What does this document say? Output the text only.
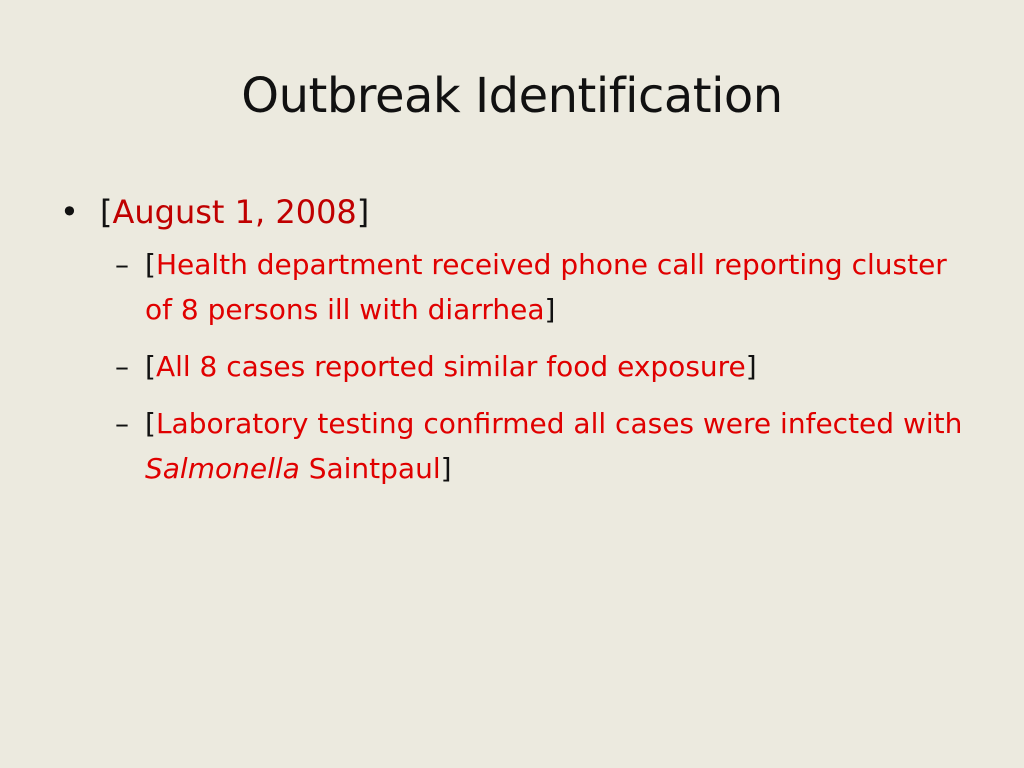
Outbreak Identification
• [August 1, 2008]
– [Health department received phone call reporting cluster of 8 persons ill with diarrhea]
– [All 8 cases reported similar food exposure]
– [Laboratory testing confirmed all cases were infected with Salmonella Saintpaul]
